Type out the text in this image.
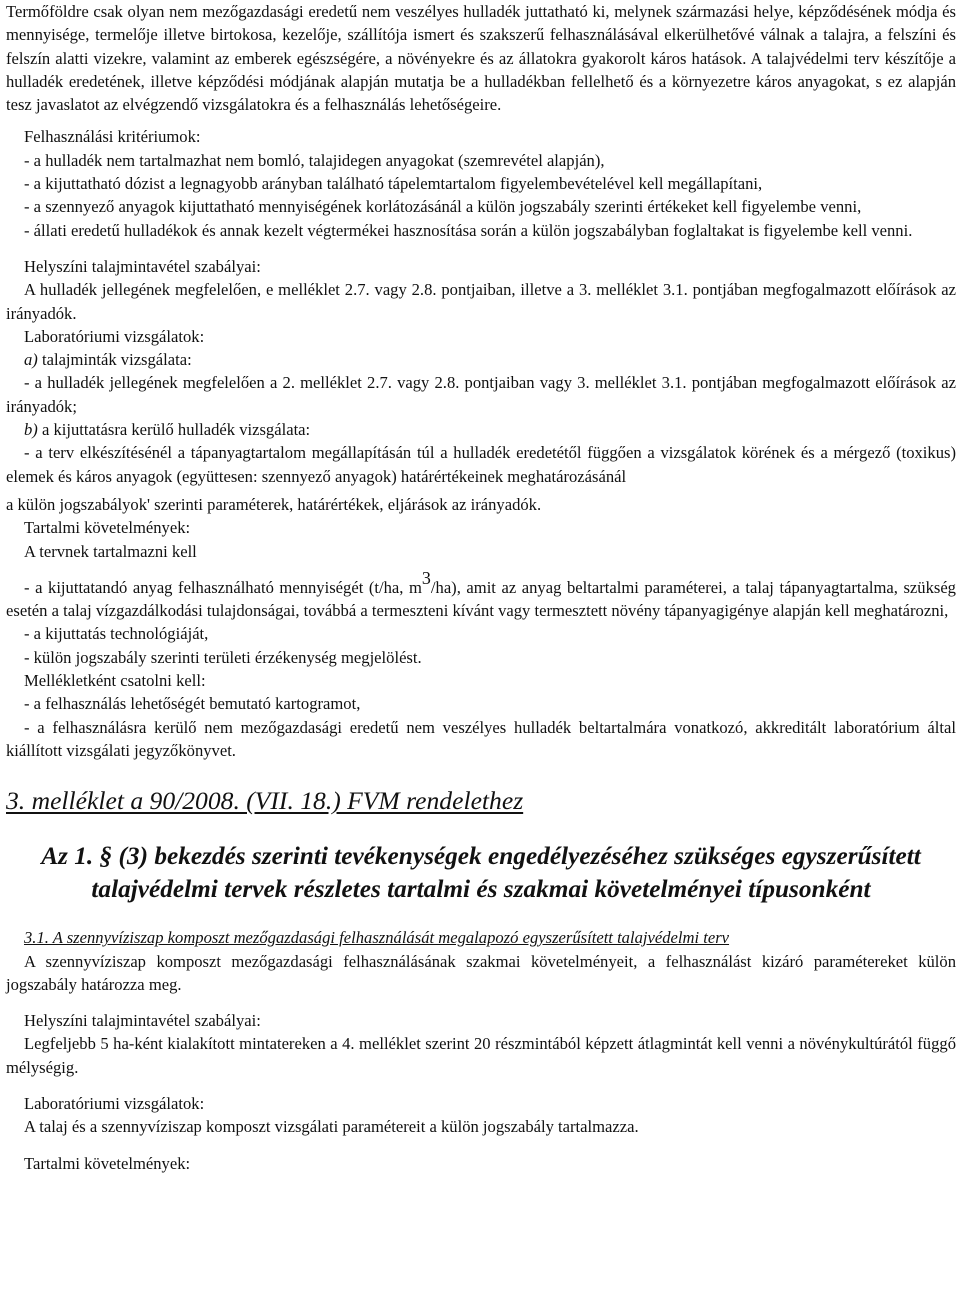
Termőföldre csak olyan nem mezőgazdasági eredetű nem veszélyes hulladék juttatható ki, melynek származási helye, képződésének módja és mennyisége, termelője illetve birtokosa, kezelője, szállítója ismert és szakszerű felhasználásával elkerülhetővé válnak a talajra, a felszíni és felszín alatti vizekre, valamint az emberek egészségére, a növényekre és az állatokra gyakorolt káros hatások. A talajvédelmi terv készítője a hulladék eredetének, illetve képződési módjának alapján mutatja be a hulladékban fellelhető és a környezetre káros anyagokat, s ez alapján tesz javaslatot az elvégzendő vizsgálatokra és a felhasználás lehetőségeire.

Felhasználási kritériumok:

- a hulladék nem tartalmazhat nem bomló, talajidegen anyagokat (szemrevétel alapján),

- a kijuttatható dózist a legnagyobb arányban található tápelemtartalom figyelembevételével kell megállapítani,

- a szennyező anyagok kijuttatható mennyiségének korlátozásánál a külön jogszabály szerinti értékeket kell figyelembe venni,

- állati eredetű hulladékok és annak kezelt végtermékei hasznosítása során a külön jogszabályban foglaltakat is figyelembe kell venni.

Helyszíni talajmintavétel szabályai:

A hulladék jellegének megfelelően, e melléklet 2.7. vagy 2.8. pontjaiban, illetve a 3. melléklet 3.1. pontjában megfogalmazott előírások az irányadók.

Laboratóriumi vizsgálatok:

a) talajminták vizsgálata:

- a hulladék jellegének megfelelően a 2. melléklet 2.7. vagy 2.8. pontjaiban vagy 3. melléklet 3.1. pontjában megfogalmazott előírások az irányadók;

b) a kijuttatásra kerülő hulladék vizsgálata:

- a terv elkészítésénél a tápanyagtartalom megállapításán túl a hulladék eredetétől függően a vizsgálatok körének és a mérgező (toxikus) elemek és káros anyagok (együttesen: szennyező anyagok) határértékeinek meghatározásánál

a külön jogszabályok' szerinti paraméterek, határértékek, eljárások az irányadók.

Tartalmi követelmények:

A tervnek tartalmazni kell

- a kijuttatandó anyag felhasználható mennyiségét (t/ha, m3/ha), amit az anyag beltartalmi paraméterei, a talaj tápanyagtartalma, szükség esetén a talaj vízgazdálkodási tulajdonságai, továbbá a termeszteni kívánt vagy termesztett növény tápanyagigénye alapján kell meghatározni,

- a kijuttatás technológiáját,

- külön jogszabály szerinti területi érzékenység megjelölést.

Mellékletként csatolni kell:

- a felhasználás lehetőségét bemutató kartogramot,

- a felhasználásra kerülő nem mezőgazdasági eredetű nem veszélyes hulladék beltartalmára vonatkozó, akkreditált laboratórium által kiállított vizsgálati jegyzőkönyvet.

3. melléklet a 90/2008. (VII. 18.) FVM rendelethez

Az 1. § (3) bekezdés szerinti tevékenységek engedélyezéséhez szükséges egyszerűsített talajvédelmi tervek részletes tartalmi és szakmai követelményei típusonként

3.1. A szennyvíziszap komposzt mezőgazdasági felhasználását megalapozó egyszerűsített talajvédelmi terv

A szennyvíziszap komposzt mezőgazdasági felhasználásának szakmai követelményeit, a felhasználást kizáró paramétereket külön jogszabály határozza meg.

Helyszíni talajmintavétel szabályai:

Legfeljebb 5 ha-ként kialakított mintatereken a 4. melléklet szerint 20 részmintából képzett átlagmintát kell venni a növénykultúrától függő mélységig.

Laboratóriumi vizsgálatok:

A talaj és a szennyvíziszap komposzt vizsgálati paramétereit a külön jogszabály tartalmazza.

Tartalmi követelmények:
